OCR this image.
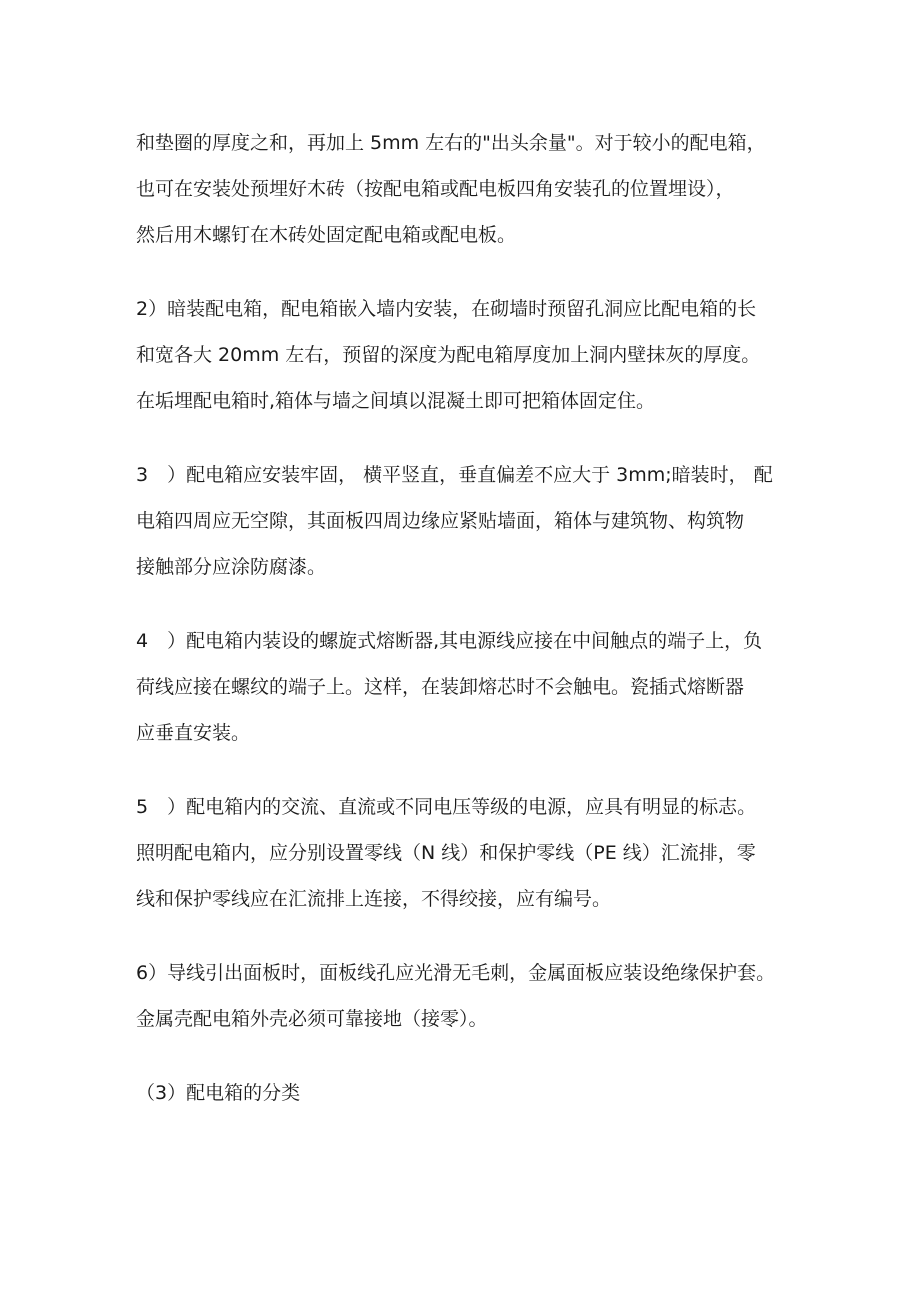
和垫圈的厚度之和，再加上 5mm 左右的"出头余量"。对于较小的配电箱，
也可在安装处预埋好木砖（按配电箱或配电板四角安装孔的位置埋设），
然后用木螺钉在木砖处固定配电箱或配电板。

2）暗装配电箱，配电箱嵌入墙内安装，在砌墙时预留孔洞应比配电箱的长
和宽各大 20mm 左右，预留的深度为配电箱厚度加上洞内壁抹灰的厚度。
在垢埋配电箱时,箱体与墙之间填以混凝土即可把箱体固定住。

3　）配电箱应安装牢固， 横平竖直，垂直偏差不应大于 3mm;暗装时， 配
电箱四周应无空隙，其面板四周边缘应紧贴墙面，箱体与建筑物、构筑物
接触部分应涂防腐漆。

4　）配电箱内装设的螺旋式熔断器,其电源线应接在中间触点的端子上，负
荷线应接在螺纹的端子上。这样，在装卸熔芯时不会触电。瓷插式熔断器
应垂直安装。

5　）配电箱内的交流、直流或不同电压等级的电源，应具有明显的标志。
照明配电箱内，应分别设置零线（N 线）和保护零线（PE 线）汇流排，零
线和保护零线应在汇流排上连接，不得绞接，应有编号。

6）导线引出面板时，面板线孔应光滑无毛刺，金属面板应装设绝缘保护套。
金属壳配电箱外壳必须可靠接地（接零）。

（3）配电箱的分类
